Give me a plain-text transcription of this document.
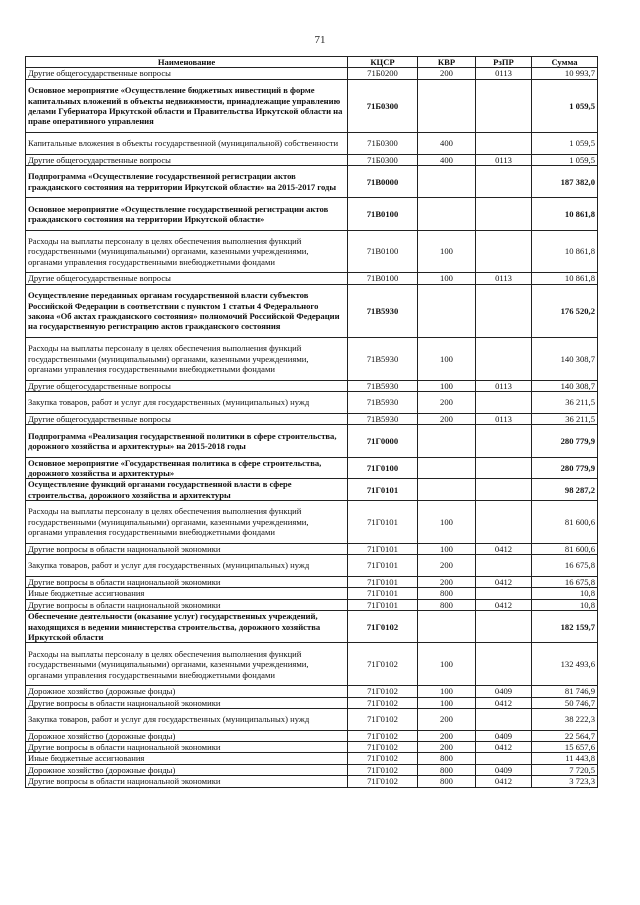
71
Наименование	КЦСР	КВР	РзПР	Сумма
Другие общегосударственные вопросы	71Б0200	200	0113	10 993,7
Основное мероприятие «Осуществление бюджетных инвестиций в форме капитальных вложений в объекты недвижимости, принадлежащие управлению делами Губернатора Иркутской области и Правительства Иркутской области на праве оперативного управления	71Б0300			1 059,5
Капитальные вложения в объекты государственной (муниципальной) собственности	71Б0300	400		1 059,5
Другие общегосударственные вопросы	71Б0300	400	0113	1 059,5
Подпрограмма «Осуществление государственной регистрации актов гражданского состояния на территории Иркутской области» на 2015-2017 годы	71В0000			187 382,0
Основное мероприятие «Осуществление государственной регистрации актов гражданского состояния на территории Иркутской области»	71В0100			10 861,8
Расходы на выплаты персоналу в целях обеспечения выполнения функций государственными (муниципальными) органами, казенными учреждениями, органами управления государственными внебюджетными фондами	71В0100	100		10 861,8
Другие общегосударственные вопросы	71В0100	100	0113	10 861,8
Осуществление переданных органам государственной власти субъектов Российской Федерации в соответствии с пунктом 1 статьи 4 Федерального закона «Об актах гражданского состояния» полномочий Российской Федерации на государственную регистрацию актов гражданского состояния	71В5930			176 520,2
Расходы на выплаты персоналу в целях обеспечения выполнения функций государственными (муниципальными) органами, казенными учреждениями, органами управления государственными внебюджетными фондами	71В5930	100		140 308,7
Другие общегосударственные вопросы	71В5930	100	0113	140 308,7
Закупка товаров, работ и услуг для государственных (муниципальных) нужд	71В5930	200		36 211,5
Другие общегосударственные вопросы	71В5930	200	0113	36 211,5
Подпрограмма «Реализация государственной политики в сфере строительства, дорожного хозяйства и архитектуры» на 2015-2018 годы	71Г0000			280 779,9
Основное мероприятие «Государственная политика в сфере строительства, дорожного хозяйства и архитектуры»	71Г0100			280 779,9
Осуществление функций органами государственной власти в сфере строительства, дорожного хозяйства и архитектуры	71Г0101			98 287,2
Расходы на выплаты персоналу в целях обеспечения выполнения функций государственными (муниципальными) органами, казенными учреждениями, органами управления государственными внебюджетными фондами	71Г0101	100		81 600,6
Другие вопросы в области национальной экономики	71Г0101	100	0412	81 600,6
Закупка товаров, работ и услуг для государственных (муниципальных) нужд	71Г0101	200		16 675,8
Другие вопросы в области национальной экономики	71Г0101	200	0412	16 675,8
Иные бюджетные ассигнования	71Г0101	800		10,8
Другие вопросы в области национальной экономики	71Г0101	800	0412	10,8
Обеспечение деятельности (оказание услуг) государственных учреждений, находящихся в ведении министерства строительства, дорожного хозяйства Иркутской области	71Г0102			182 159,7
Расходы на выплаты персоналу в целях обеспечения выполнения функций государственными (муниципальными) органами, казенными учреждениями, органами управления государственными внебюджетными фондами	71Г0102	100		132 493,6
Дорожное хозяйство (дорожные фонды)	71Г0102	100	0409	81 746,9
Другие вопросы в области национальной экономики	71Г0102	100	0412	50 746,7
Закупка товаров, работ и услуг для государственных (муниципальных) нужд	71Г0102	200		38 222,3
Дорожное хозяйство (дорожные фонды)	71Г0102	200	0409	22 564,7
Другие вопросы в области национальной экономики	71Г0102	200	0412	15 657,6
Иные бюджетные ассигнования	71Г0102	800		11 443,8
Дорожное хозяйство (дорожные фонды)	71Г0102	800	0409	7 720,5
Другие вопросы в области национальной экономики	71Г0102	800	0412	3 723,3
